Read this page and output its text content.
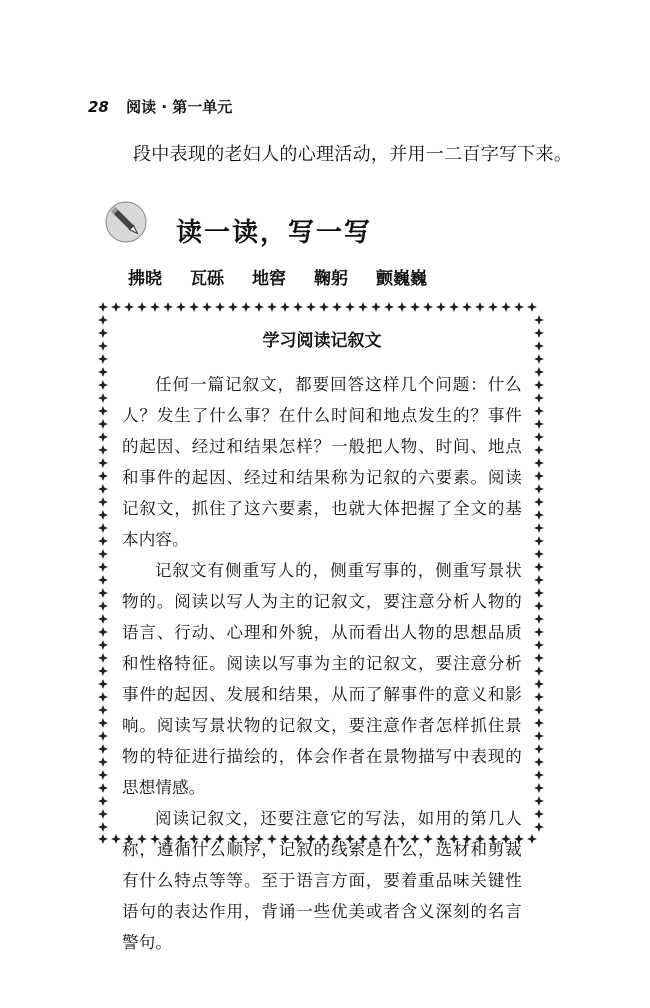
28 阅读 · 第一单元
段中表现的老妇人的心理活动，并用一二百字写下来。
读一读，写一写
拂晓 瓦砾 地窖 鞠躬 颤巍巍
学习阅读记叙文

任何一篇记叙文，都要回答这样几个问题：什么人？发生了什么事？在什么时间和地点发生的？事件的起因、经过和结果怎样？一般把人物、时间、地点和事件的起因、经过和结果称为记叙的六要素。阅读记叙文，抓住了这六要素，也就大体把握了全文的基本内容。

记叙文有侧重写人的，侧重写事的，侧重写景状物的。阅读以写人为主的记叙文，要注意分析人物的语言、行动、心理和外貌，从而看出人物的思想品质和性格特征。阅读以写事为主的记叙文，要注意分析事件的起因、发展和结果，从而了解事件的意义和影响。阅读写景状物的记叙文，要注意作者怎样抓住景物的特征进行描绘的，体会作者在景物描写中表现的思想情感。

阅读记叙文，还要注意它的写法，如用的第几人称，遵循什么顺序，记叙的线索是什么，选材和剪裁有什么特点等等。至于语言方面，要着重品味关键性语句的表达作用，背诵一些优美或者含义深刻的名言警句。
